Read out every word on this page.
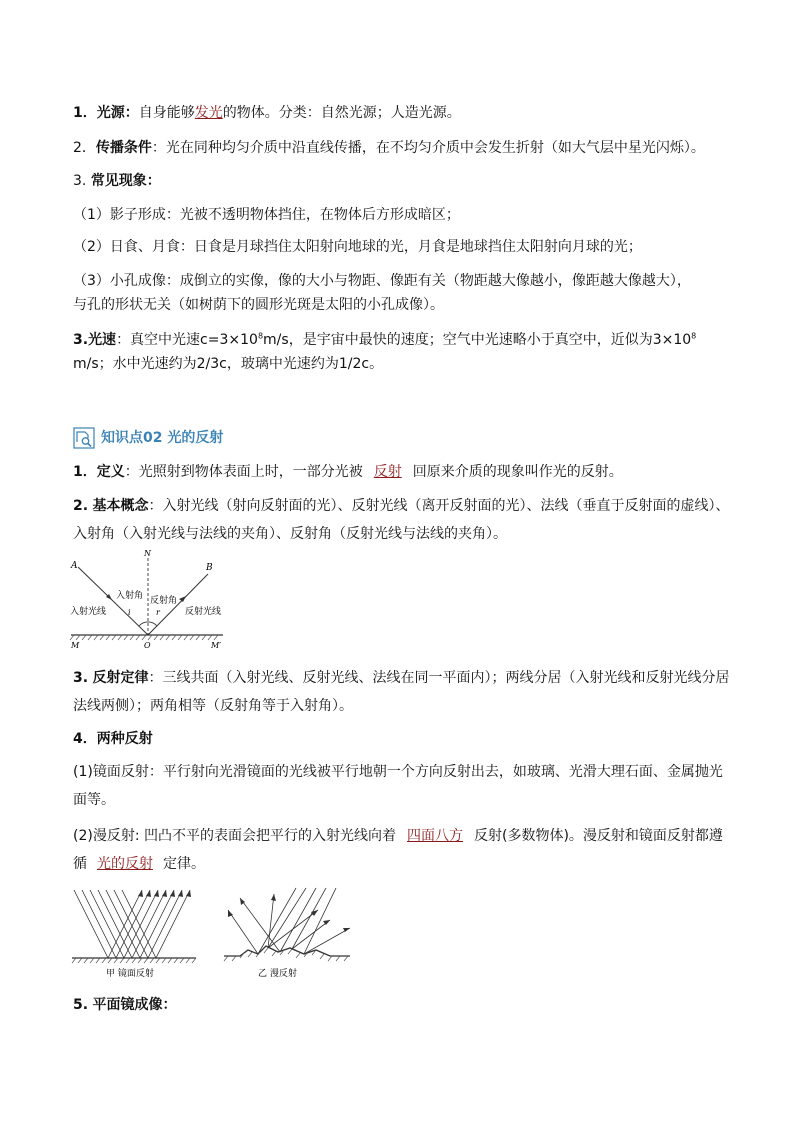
1．光源：自身能够发光的物体。分类：自然光源；人造光源。
2．传播条件：光在同种均匀介质中沿直线传播，在不均匀介质中会发生折射（如大气层中星光闪烁）。
3. 常见现象：
（1）影子形成：光被不透明物体挡住，在物体后方形成暗区；
（2）日食、月食：日食是月球挡住太阳射向地球的光，月食是地球挡住太阳射向月球的光；
（3）小孔成像：成倒立的实像，像的大小与物距、像距有关（物距越大像越小，像距越大像越大），
与孔的形状无关（如树荫下的圆形光斑是太阳的小孔成像）。
3.光速：真空中光速$c=3\times 10^8m/s$，是宇宙中最快的速度；空气中光速略小于真空中，近似为$3\times 10^8$
m/s；水中光速约为2/3c，玻璃中光速约为1/2c。
知识点02 光的反射
1．定义：光照射到物体表面上时，一部分光被 反射 回原来介质的现象叫作光的反射。
2. 基本概念：入射光线（射向反射面的光）、反射光线（离开反射面的光）、法线（垂直于反射面的虚线）、入射角（入射光线与法线的夹角）、反射角（反射光线与法线的夹角）。
A	B
N
O
M	M′
入射角 反射角
i	r
入射光线	反射光线
3. 反射定律：三线共面（入射光线、反射光线、法线在同一平面内）；两线分居（入射光线和反射光线分居法线两侧）；两角相等（反射角等于入射角）。
4．两种反射
(1)镜面反射：平行射向光滑镜面的光线被平行地朝一个方向反射出去，如玻璃、光滑大理石面、金属抛光面等。
(2)漫反射: 凹凸不平的表面会把平行的入射光线向着 四面八方 反射(多数物体)。漫反射和镜面反射都遵循 光的反射 定律。
甲 镜面反射	乙 漫反射
5. 平面镜成像：
